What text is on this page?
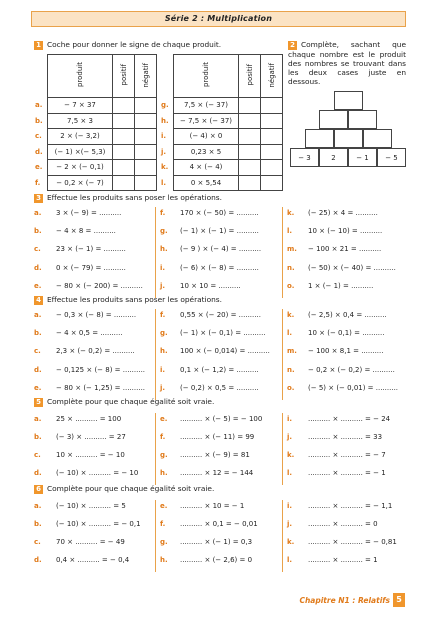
Série 2 : Multiplication
1 Coche pour donner le signe de chaque produit.
	produit	positif	négatif
a.	− 7 × 37		
b.	7,5 × 3		
c.	2 × (− 3,2)		
d.	(− 1) ×(− 5,3)		
e.	− 2 × (− 0,1)		
f.	− 0,2 × (− 7)		
	produit	positif	négatif
g.	7,5 × (− 37)		
h.	− 7,5 × (− 37)		
i.	(− 4) × 0		
j.	0,23 × 5		
k.	4 × (− 4)		
l.	0 × 5,54		
2 Complète, sachant que chaque nombre est le produit des nombres se trouvant dans les deux cases juste en dessous.
− 3	2	− 1	− 5
3 Effectue les produits sans poser les opérations.
a. 3 × (− 9) = ..........
b. − 4 × 8 = ..........
c. 23 × (− 1) = ..........
d. 0 × (− 79) = ..........
e. − 80 × (− 200) = ..........
f. 170 × (− 50) = ..........
g. (− 1) × (− 1) = ..........
h. (− 9 ) × (− 4) = ..........
i. (− 6) × (− 8) = ..........
j. 10 × 10 = ..........
k. (− 25) × 4 = ..........
l. 10 × (− 10) = ..........
m. − 100 × 21 = ..........
n. (− 50) × (− 40) = ..........
o. 1 × (− 1) = ..........
4 Effectue les produits sans poser les opérations.
a. − 0,3 × (− 8) = ..........
b. − 4 × 0,5 = ..........
c. 2,3 × (− 0,2) = ..........
d. − 0,125 × (− 8) = ..........
e. − 80 × (− 1,25) = ..........
f. 0,55 × (− 20) = ..........
g. (− 1) × (− 0,1) = ..........
h. 100 × (− 0,014) = ..........
i. 0,1 × (− 1,2) = ..........
j. (− 0,2) × 0,5 = ..........
k. (− 2,5) × 0,4 = ..........
l. 10 × (− 0,1) = ..........
m. − 100 × 8,1 = ..........
n. − 0,2 × (− 0,2) = ..........
o. (− 5) × (− 0,01) = ..........
5 Complète pour que chaque égalité soit vraie.
a. 25 × .......... = 100
b. (− 3) × .......... = 27
c. 10 × .......... = − 10
d. (− 10) × .......... = − 10
e. .......... × (− 5) = − 100
f. .......... × (− 11) = 99
g. .......... × (− 9) = 81
h. .......... × 12 = − 144
i. .......... × .......... = − 24
j. .......... × .......... = 33
k. .......... × .......... = − 7
l. .......... × .......... = − 1
6 Complète pour que chaque égalité soit vraie.
a. (− 10) × .......... = 5
b. (− 10) × .......... = − 0,1
c. 70 × .......... = − 49
d. 0,4 × .......... = − 0,4
e. .......... × 10 = − 1
f. .......... × 0,1 = − 0,01
g. .......... × (− 1) = 0,3
h. .......... × (− 2,6) = 0
i. .......... × .......... = − 1,1
j. .......... × .......... = 0
k. .......... × .......... = − 0,81
l. .......... × .......... = 1
Chapitre N1 : Relatifs 5
